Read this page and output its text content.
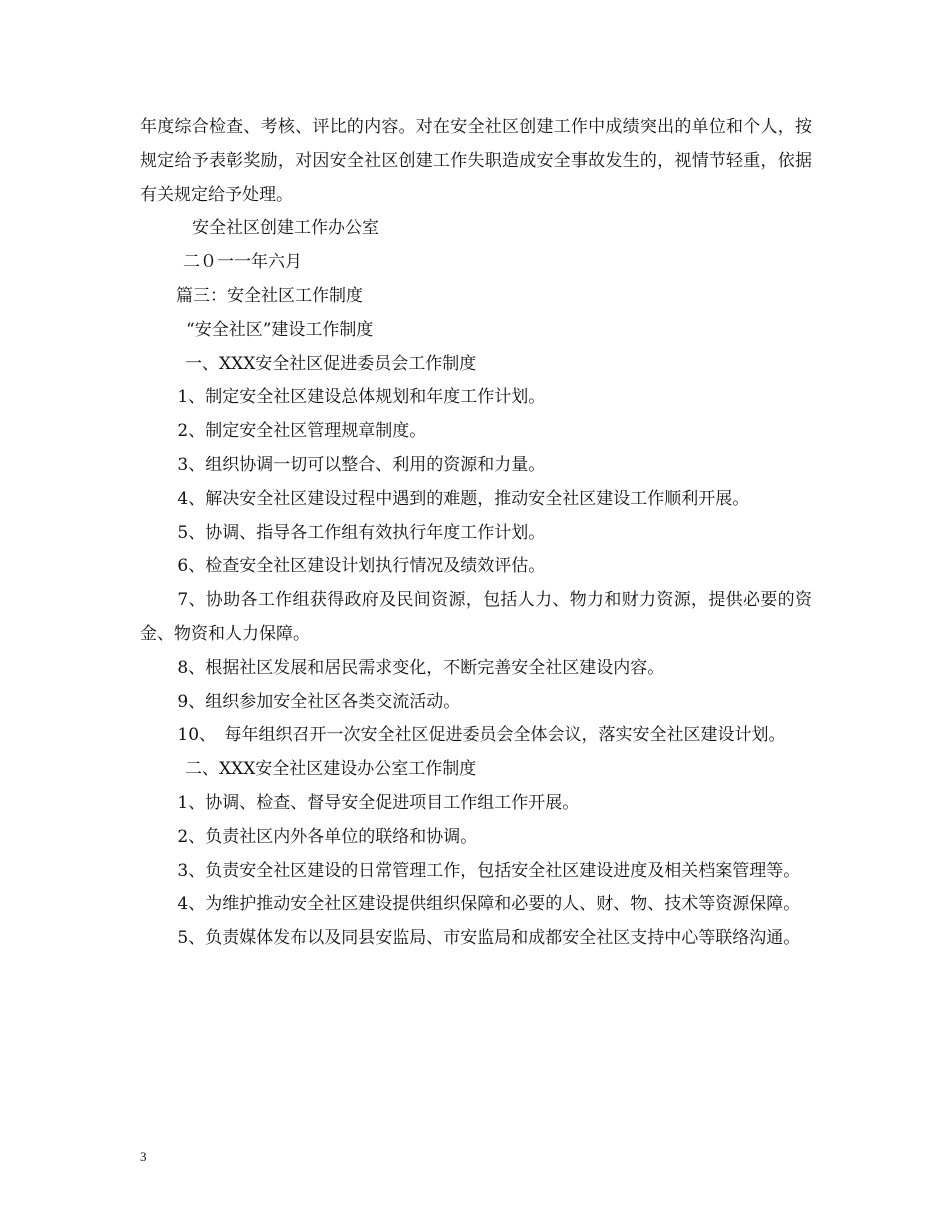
年度综合检查、考核、评比的内容。对在安全社区创建工作中成绩突出的单位和个人，按规定给予表彰奖励，对因安全社区创建工作失职造成安全事故发生的，视情节轻重，依据有关规定给予处理。

安全社区创建工作办公室

二０一一年六月

篇三：安全社区工作制度

“安全社区”建设工作制度

一、XXX安全社区促进委员会工作制度

1、制定安全社区建设总体规划和年度工作计划。

2、制定安全社区管理规章制度。

3、组织协调一切可以整合、利用的资源和力量。

4、解决安全社区建设过程中遇到的难题，推动安全社区建设工作顺利开展。

5、协调、指导各工作组有效执行年度工作计划。

6、检查安全社区建设计划执行情况及绩效评估。

7、协助各工作组获得政府及民间资源，包括人力、物力和财力资源，提供必要的资金、物资和人力保障。

8、根据社区发展和居民需求变化，不断完善安全社区建设内容。

9、组织参加安全社区各类交流活动。

10、　每年组织召开一次安全社区促进委员会全体会议，落实安全社区建设计划。

二、XXX安全社区建设办公室工作制度

1、协调、检查、督导安全促进项目工作组工作开展。

2、负责社区内外各单位的联络和协调。

3、负责安全社区建设的日常管理工作，包括安全社区建设进度及相关档案管理等。

4、为维护推动安全社区建设提供组织保障和必要的人、财、物、技术等资源保障。

5、负责媒体发布以及同县安监局、市安监局和成都安全社区支持中心等联络沟通。

3
